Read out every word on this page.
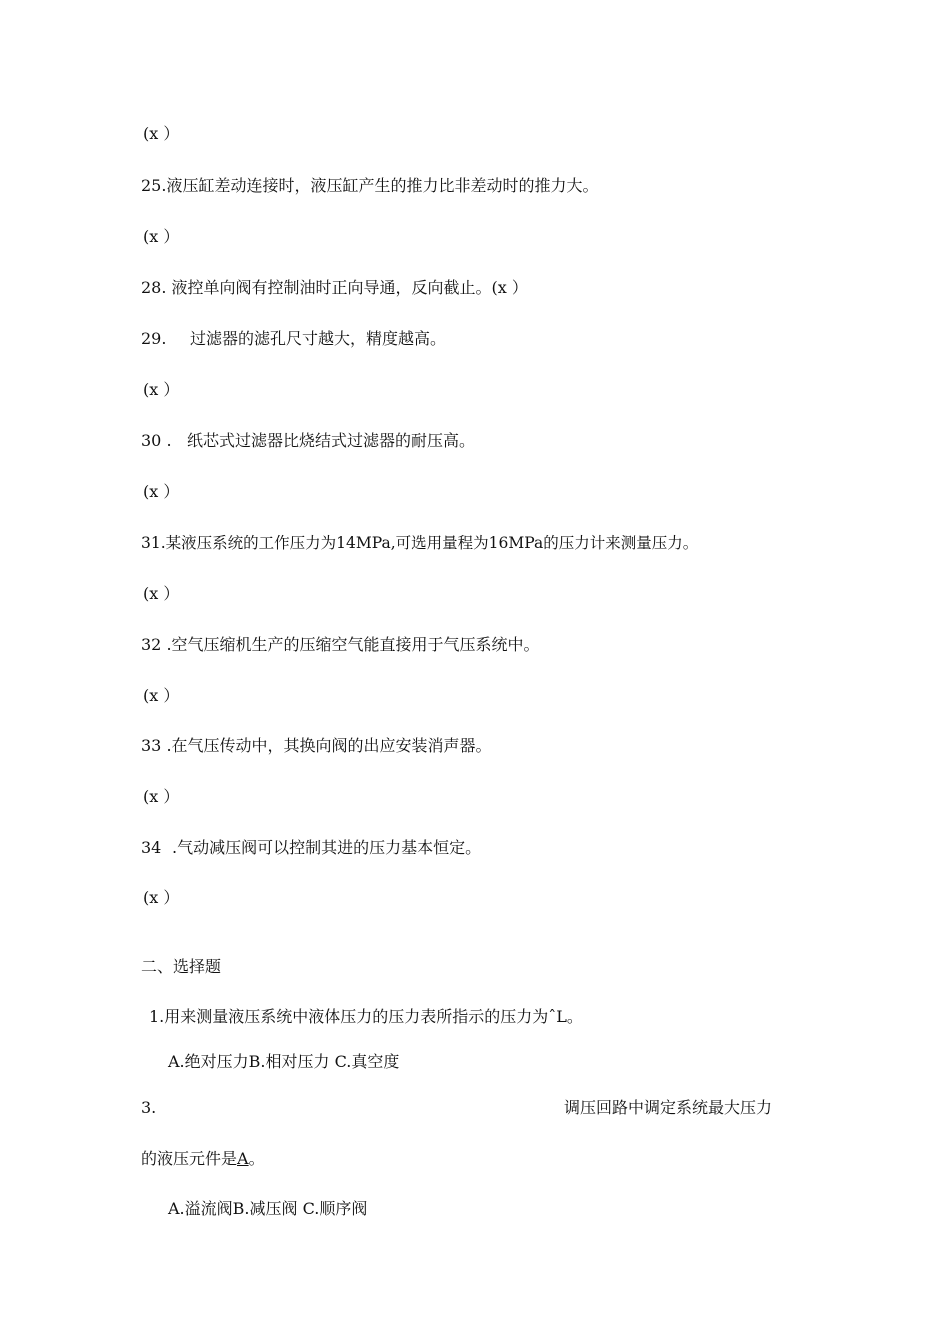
(x ）
25.液压缸差动连接时，液压缸产生的推力比非差动时的推力大。
(x ）
28. 液控单向阀有控制油时正向导通，反向截止。(x ）
29. 过滤器的滤孔尺寸越大，精度越高。
(x ）
30 . 纸芯式过滤器比烧结式过滤器的耐压高。
(x ）
31.某液压系统的工作压力为14MPa,可选用量程为16MPa的压力计来测量压力。
(x ）
32 .空气压缩机生产的压缩空气能直接用于气压系统中。
(x ）
33 .在气压传动中，其换向阀的出应安装消声器。
(x ）
34 .气动减压阀可以控制其进的压力基本恒定。
(x ）
二、选择题
1.用来测量液压系统中液体压力的压力表所指示的压力为ˆL。
A.绝对压力B.相对压力 C.真空度
3.	调压回路中调定系统最大压力
的液压元件是A。
A.溢流阀B.减压阀 C.顺序阀
